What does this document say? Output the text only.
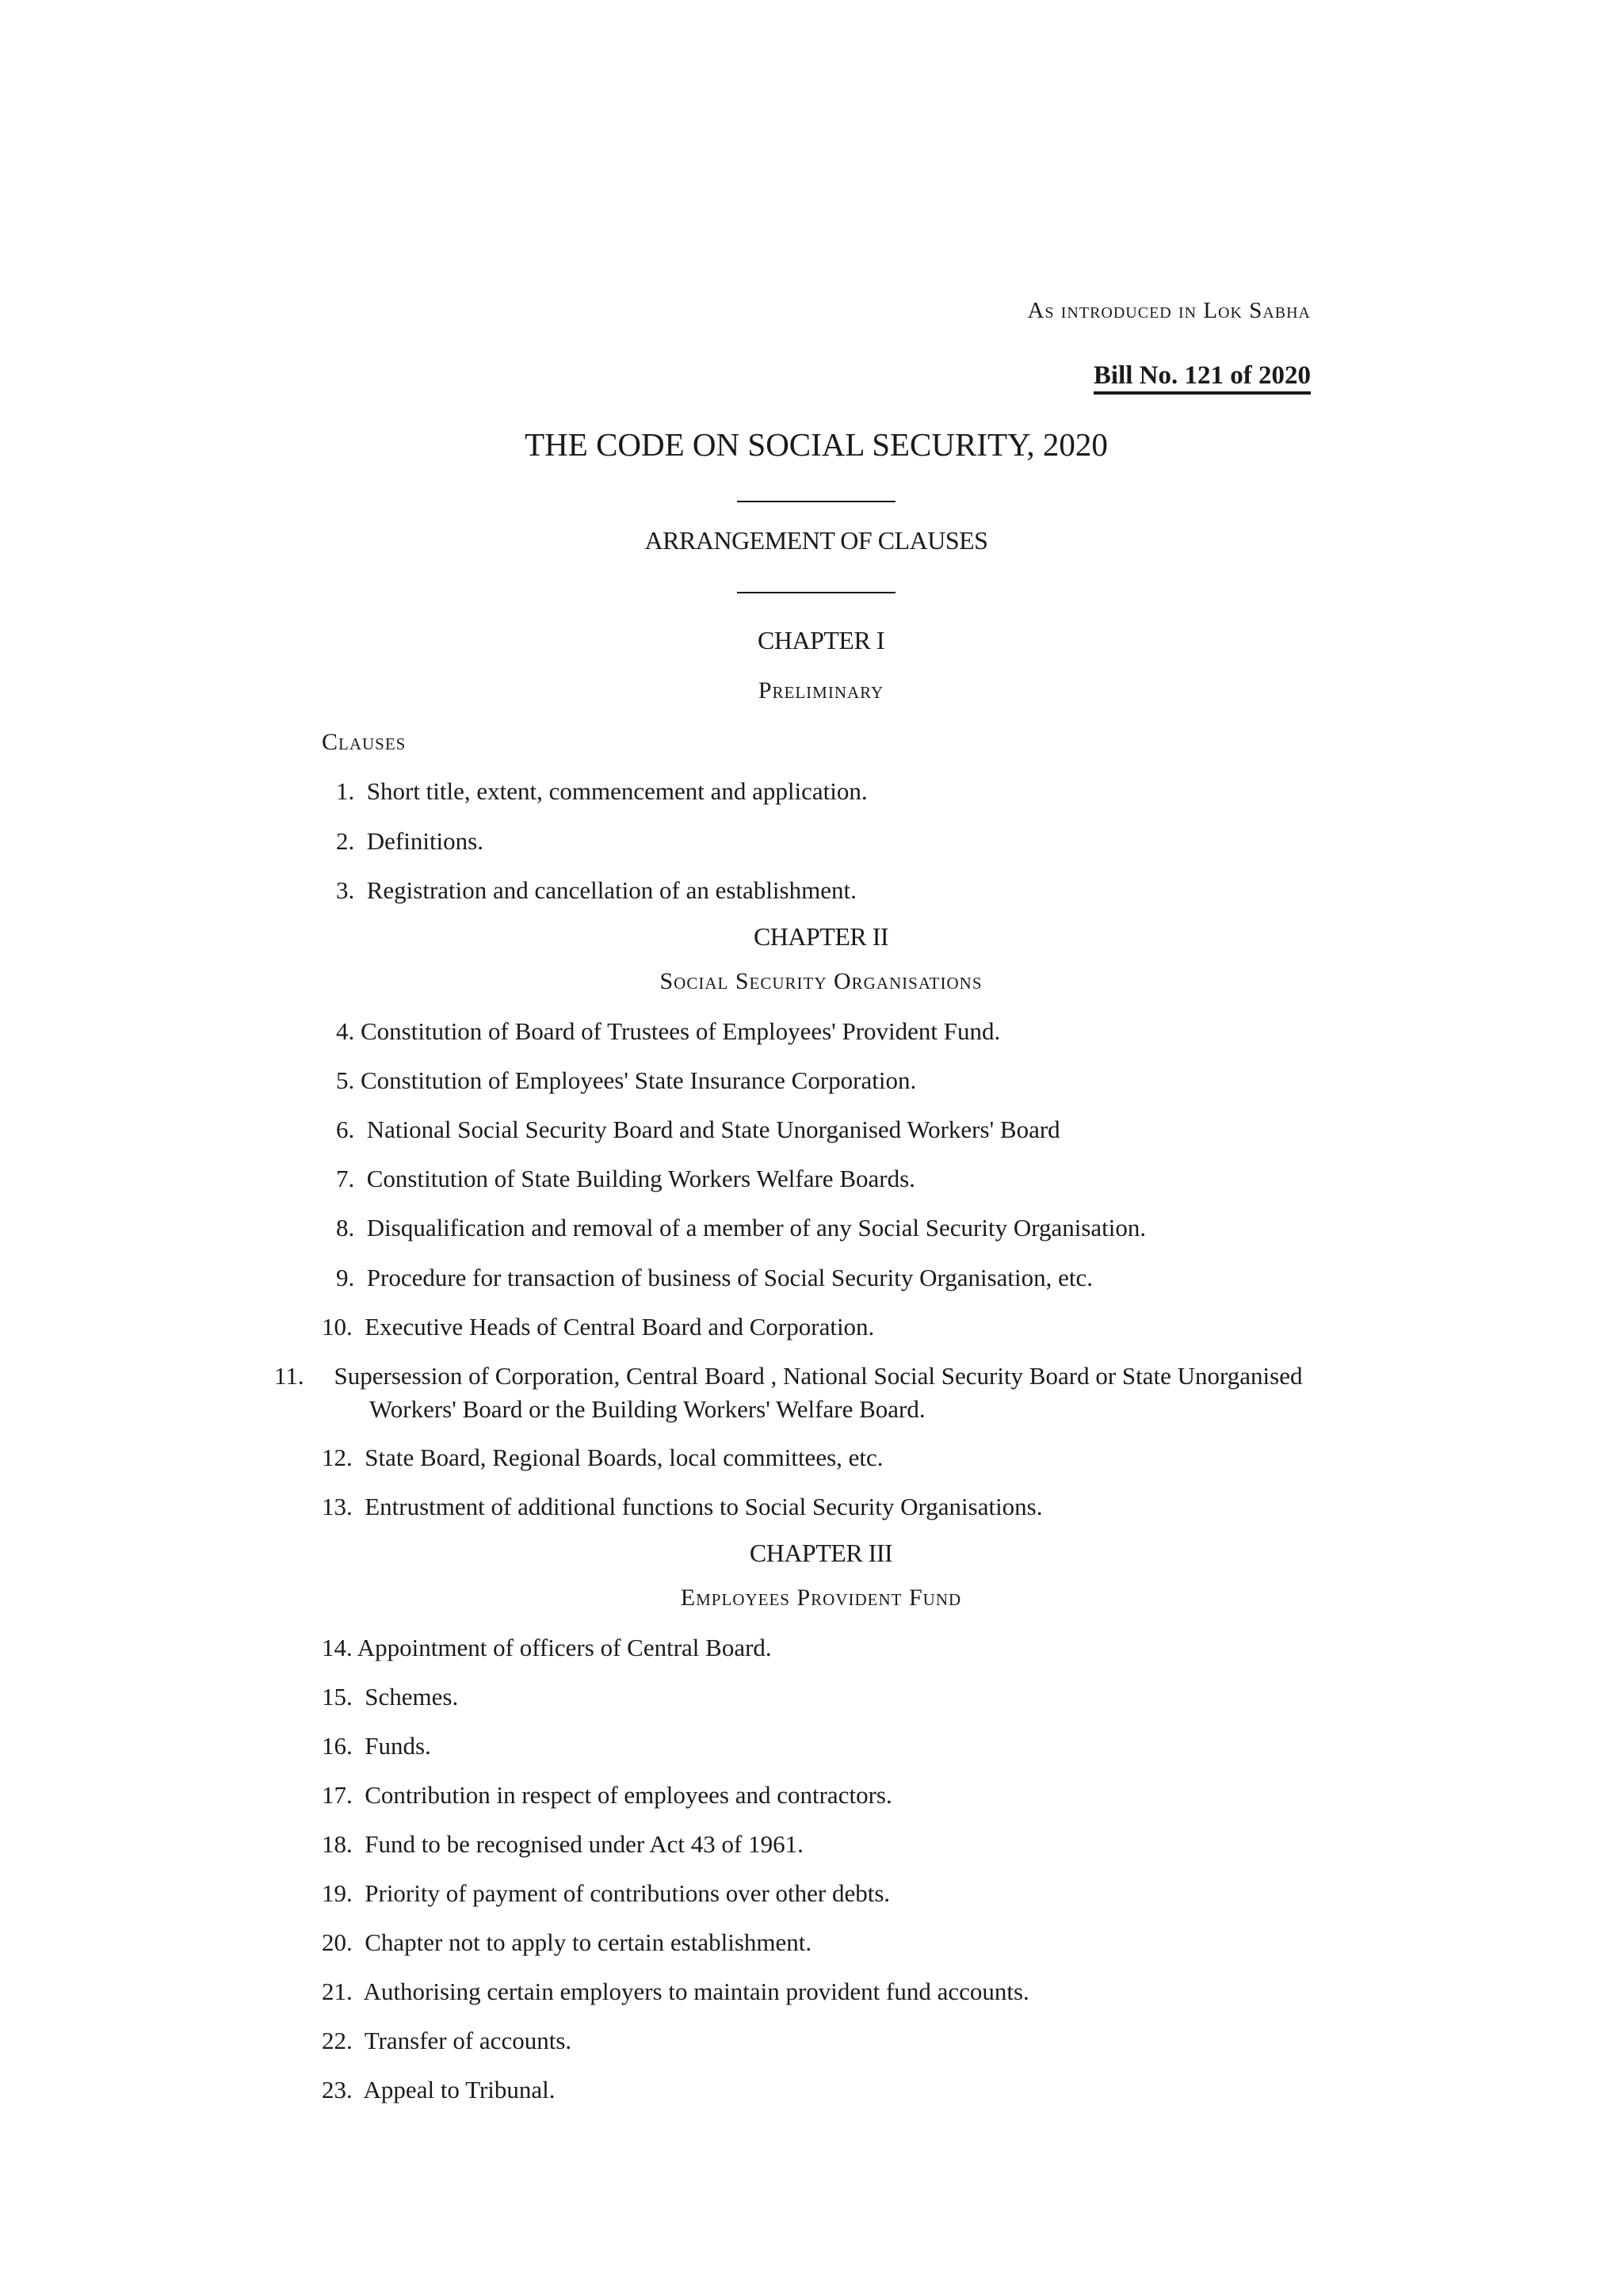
As introduced in Lok Sabha
Bill No. 121 of 2020
THE CODE ON SOCIAL SECURITY, 2020
ARRANGEMENT OF CLAUSES
CHAPTER I
Preliminary
Clauses
1. Short title, extent, commencement and application.
2. Definitions.
3.  Registration and cancellation of an establishment.
CHAPTER II
Social Security Organisations
4. Constitution of Board of Trustees of Employees' Provident Fund.
5. Constitution of Employees' State Insurance Corporation.
6.  National Social Security Board and State Unorganised Workers' Board
7.  Constitution of State Building Workers Welfare Boards.
8. Disqualification and removal of a member of any Social Security Organisation.
9.  Procedure for transaction of business of Social Security Organisation, etc.
10. Executive Heads of Central Board and Corporation.
11. Supersession of Corporation, Central Board , National Social Security Board or State Unorganised Workers' Board or the Building Workers' Welfare Board.
12. State Board, Regional Boards, local committees, etc.
13. Entrustment of additional functions to Social Security Organisations.
CHAPTER III
Employees Provident Fund
14. Appointment of officers of Central Board.
15. Schemes.
16. Funds.
17.  Contribution in respect of employees and contractors.
18. Fund to be recognised under Act 43 of 1961.
19. Priority of payment of contributions over other debts.
20. Chapter not to apply to certain establishment.
21. Authorising certain employers to maintain provident fund accounts.
22. Transfer of accounts.
23. Appeal to Tribunal.
